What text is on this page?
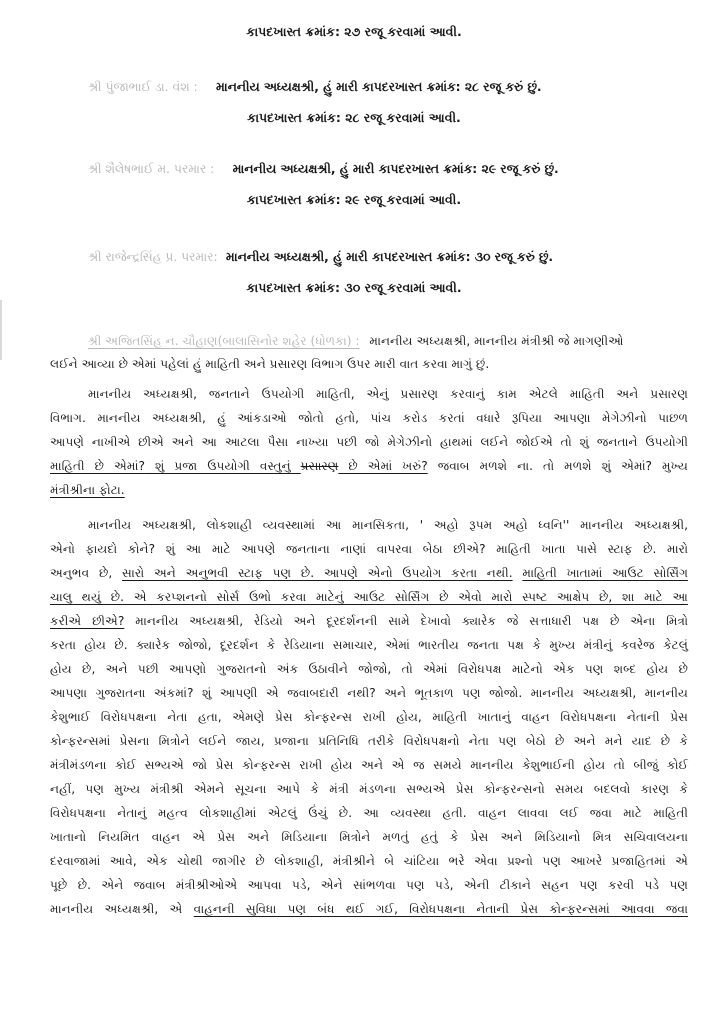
કાપદખાસ્ત ક્રમાંક: ૨૭ રજૂ કરવામાં આવી.
શ્રી પુંજાભાઈ ડા. વંશ : માનનીય અધ્યક્ષશ્રી, હું મારી કાપદરખાસ્ત ક્રમાંક: ૨૮ રજૂ કરું છું.
કાપદખાસ્ત ક્રમાંક: ૨૮ રજૂ કરવામાં આવી.
શ્રી શૈલેષભાઈ મ. પરમાર : માનનીય અધ્યક્ષશ્રી, હું મારી કાપદરખાસ્ત ક્રમાંક: ૨૯ રજૂ કરું છું.
કાપદખાસ્ત ક્રમાંક: ૨૯ રજૂ કરવામાં આવી.
શ્રી રાજેન્દ્રસિંહ પ્ર. પરમાર: માનનીય અધ્યક્ષશ્રી, હું મારી કાપદરખાસ્ત ક્રમાંક: ૩૦ રજૂ કરું છું.
કાપદખાસ્ત ક્રમાંક: ૩૦ રજૂ કરવામાં આવી.
શ્રી અજિતસિંહ ન. ચૌહાણ(બાલાસિનોર શહેર (ધોળકા) : માનનીય અધ્યક્ષશ્રી, માનનીય મંત્રીશ્રી જે માગણીઓ
લઈને આવ્યા છે એમાં પહેલાં હું માહિતી અને પ્રસારણ વિભાગ ઉપર મારી વાત કરવા માગું છું.
માનનીય અધ્યક્ષશ્રી, જનતાને ઉપયોગી માહિતી, એનું પ્રસારણ કરવાનું કામ એટલે માહિતી અને પ્રસારણ
વિભાગ. માનનીય અધ્યક્ષશ્રી, હું આંકડાઓ જોતો હતો, પાંચ કરોડ કરતાં વધારે રૂપિયા આપણા મેગેઝીનો પાછળ
આપણે નાખીએ છીએ અને આ આટલા પૈસા નાખ્યા પછી જો મેગેઝીનો હાથમાં લઈને જોઈએ તો શું જનતાને ઉપયોગી
માહિતી છે એમાં? શું પ્રજા ઉપયોગી વસ્તુનું પ્રસારણ છે એમાં ખરું? જવાબ મળશે ના. તો મળશે શું એમાં? મુખ્ય
મંત્રીશ્રીના ફોટા.
માનનીય અધ્યક્ષશ્રી, લોકશાહી વ્યવસ્થામાં આ માનસિકતા, ' અહો રૂપમ અહો ધ્વનિ'' માનનીય અધ્યક્ષશ્રી,
એનો ફાયદો કોને? શું આ માટે આપણે જનતાના નાણાં વાપરવા બેઠા છીએ? માહિતી ખાતા પાસે સ્ટાફ છે. મારો
અનુભવ છે, સારો અને અનુભવી સ્ટાફ પણ છે. આપણે એનો ઉપયોગ કરતા નથી. માહિતી ખાતામાં આઉટ સોર્સિંગ
ચાલુ થયું છે. એ કરપ્શનનો સોર્સ ઉભો કરવા માટેનું આઉટ સોર્સિંગ છે એવો મારો સ્પષ્ટ આક્ષેપ છે, શા માટે આ
કરીએ છીએ? માનનીય અધ્યક્ષશ્રી, રેડિયો અને દૂરદર્શનની સામે દેખાવો ક્યારેક જે સત્તાધારી પક્ષ છે એના મિત્રો
કરતા હોય છે. ક્યારેક જોજો, દૂરદર્શન કે રેડિયાના સમાચાર, એમાં ભારતીય જનતા પક્ષ કે મુખ્ય મંત્રીનું કવરેજ કેટલું
હોય છે, અને પછી આપણો ગુજરાતનો અંક ઉઠાવીને જોજો, તો એમાં વિરોધપક્ષ માટેનો એક પણ શબ્દ હોય છે
આપણા ગુજરાતના અંકમાં? શું આપણી એ જવાબદારી નથી? અને ભૂતકાળ પણ જોજો. માનનીય અધ્યક્ષશ્રી, માનનીય
કેશુભાઈ વિરોધપક્ષના નેતા હતા, એમણે પ્રેસ કોન્ફરન્સ રાખી હોય, માહિતી ખાતાનું વાહન વિરોધપક્ષના નેતાની પ્રેસ
કોન્ફરન્સમાં પ્રેસના મિત્રોને લઈને જાય, પ્રજાના પ્રતિનિધિ તરીકે વિરોધપક્ષનો નેતા પણ બેઠો છે અને મને યાદ છે કે
મંત્રીમંડળના કોઈ સભ્યએ જો પ્રેસ કોન્ફરન્સ રાખી હોય અને એ જ સમયે માનનીય કેશુભાઈની હોય તો બીજું કોઈ
નહીં, પણ મુખ્ય મંત્રીશ્રી એમને સૂચના આપે કે મંત્રી મંડળના સભ્યએ પ્રેસ કોન્ફરન્સનો સમય બદલવો કારણ કે
વિરોધપક્ષના નેતાનું મહત્વ લોકશાહીમાં એટલું ઉંચું છે. આ વ્યવસ્થા હતી. વાહન લાવવા લઈ જવા માટે માહિતી
ખાતાનો નિયમિત વાહન એ પ્રેસ અને મિડિયાના મિત્રોને મળતું હતું કે પ્રેસ અને મિડિયાનો મિત્ર સચિવાલયના
દરવાજામાં આવે, એક ચોથી જાગીર છે લોકશાહી, મંત્રીશ્રીને બે ચાંટિયા ભરે એવા પ્રશ્નો પણ આખરે પ્રજાહિતમાં એ
પૂછે છે. એને જવાબ મંત્રીશ્રીઓએ આપવા પડે, એને સાંભળવા પણ પડે, એની ટીકાને સહન પણ કરવી પડે પણ
માનનીય અધ્યક્ષશ્રી, એ વાહનની સુવિધા પણ બંધ થઈ ગઈ, વિરોધપક્ષના નેતાની પ્રેસ કોન્ફરન્સમાં આવવા જવા
